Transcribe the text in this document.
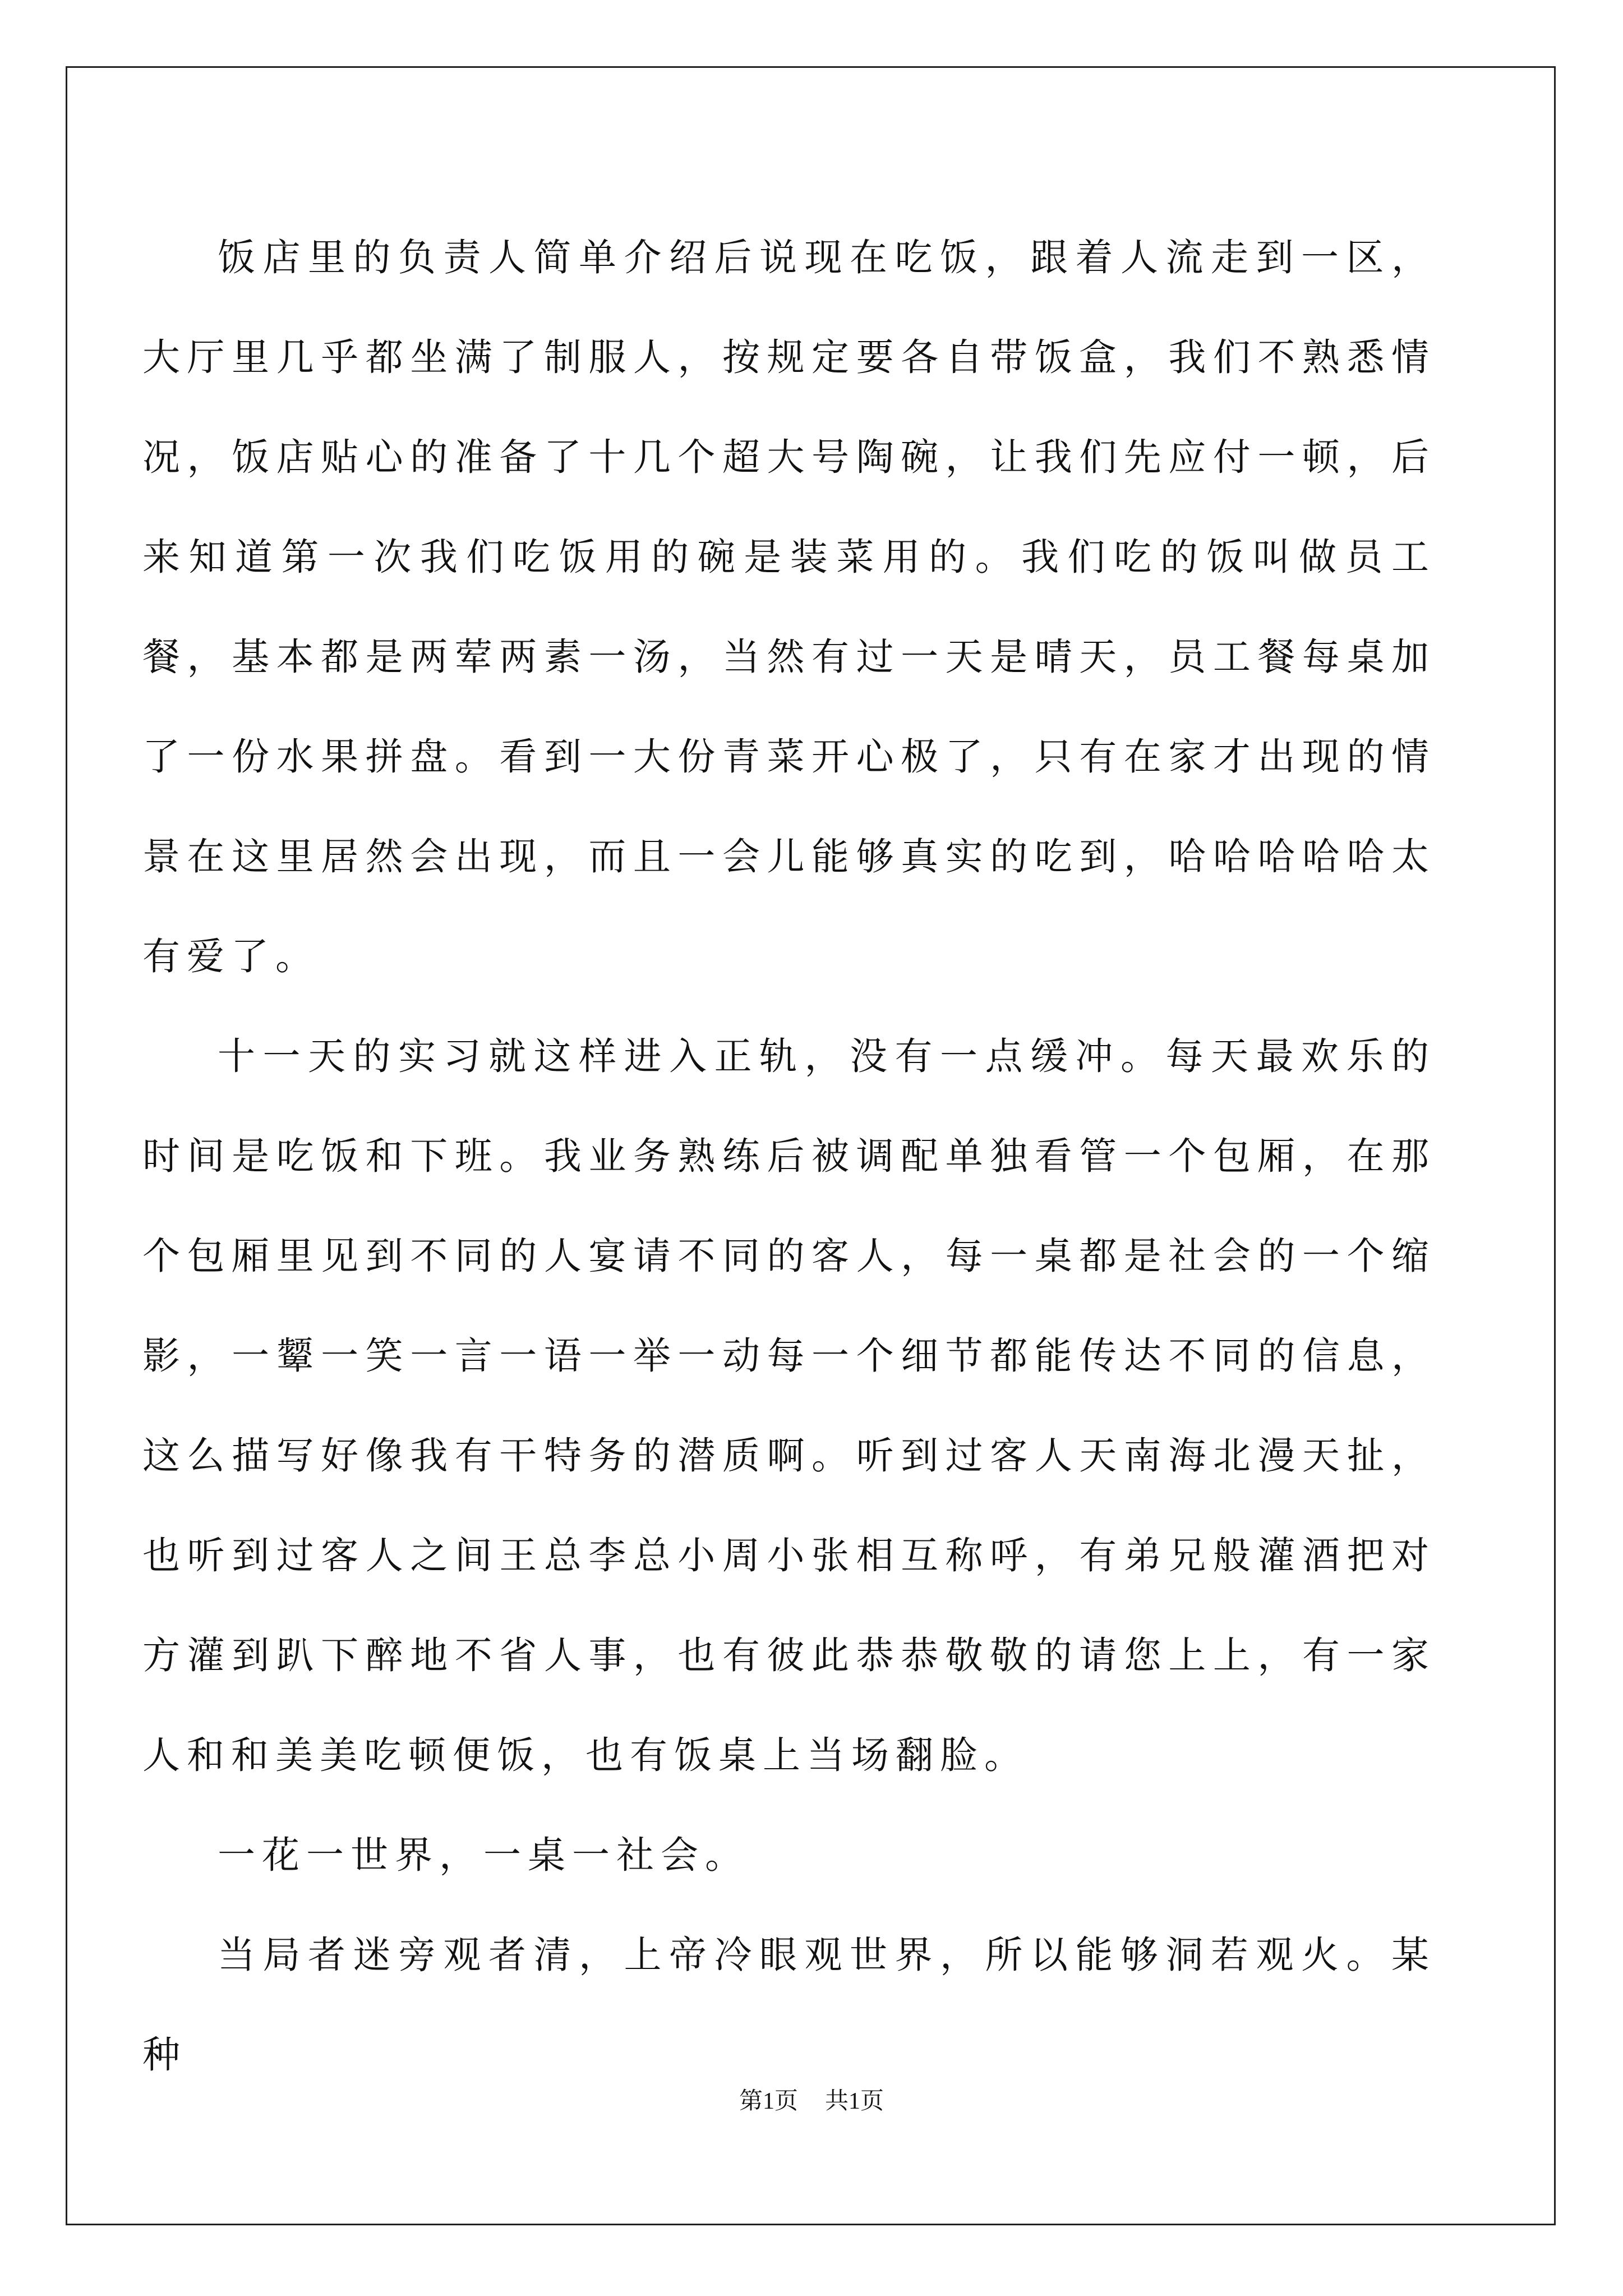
饭店里的负责人简单介绍后说现在吃饭，跟着人流走到一区，大厅里几乎都坐满了制服人，按规定要各自带饭盒，我们不熟悉情况，饭店贴心的准备了十几个超大号陶碗，让我们先应付一顿，后来知道第一次我们吃饭用的碗是装菜用的。我们吃的饭叫做员工餐，基本都是两荤两素一汤，当然有过一天是晴天，员工餐每桌加了一份水果拼盘。看到一大份青菜开心极了，只有在家才出现的情景在这里居然会出现，而且一会儿能够真实的吃到，哈哈哈哈哈太有爱了。

十一天的实习就这样进入正轨，没有一点缓冲。每天最欢乐的时间是吃饭和下班。我业务熟练后被调配单独看管一个包厢，在那个包厢里见到不同的人宴请不同的客人，每一桌都是社会的一个缩影，一颦一笑一言一语一举一动每一个细节都能传达不同的信息，这么描写好像我有干特务的潜质啊。听到过客人天南海北漫天扯，也听到过客人之间王总李总小周小张相互称呼，有弟兄般灌酒把对方灌到趴下醉地不省人事，也有彼此恭恭敬敬的请您上上，有一家人和和美美吃顿便饭，也有饭桌上当场翻脸。

一花一世界，一桌一社会。

当局者迷旁观者清，上帝冷眼观世界，所以能够洞若观火。某种

第1页 共1页
